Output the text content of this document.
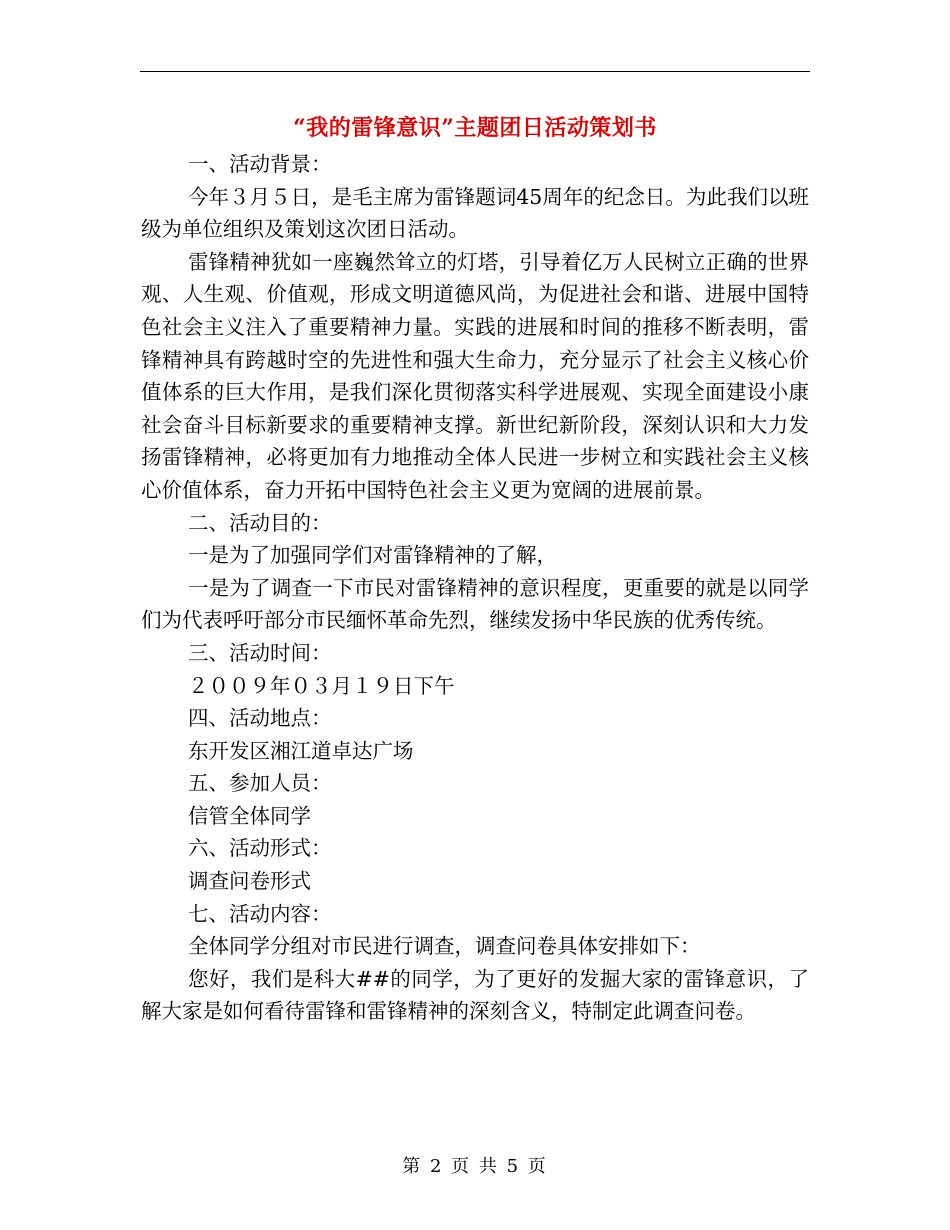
“我的雷锋意识”主题团日活动策划书

一、活动背景：

今年３月５日，是毛主席为雷锋题词45周年的纪念日。为此我们以班级为单位组织及策划这次团日活动。

雷锋精神犹如一座巍然耸立的灯塔，引导着亿万人民树立正确的世界观、人生观、价值观，形成文明道德风尚，为促进社会和谐、进展中国特色社会主义注入了重要精神力量。实践的进展和时间的推移不断表明，雷锋精神具有跨越时空的先进性和强大生命力，充分显示了社会主义核心价值体系的巨大作用，是我们深化贯彻落实科学进展观、实现全面建设小康社会奋斗目标新要求的重要精神支撑。新世纪新阶段，深刻认识和大力发扬雷锋精神，必将更加有力地推动全体人民进一步树立和实践社会主义核心价值体系，奋力开拓中国特色社会主义更为宽阔的进展前景。

二、活动目的：

一是为了加强同学们对雷锋精神的了解，

一是为了调查一下市民对雷锋精神的意识程度，更重要的就是以同学们为代表呼吁部分市民缅怀革命先烈，继续发扬中华民族的优秀传统。

三、活动时间：

２００９年０３月１９日下午

四、活动地点：

东开发区湘江道卓达广场

五、参加人员：

信管全体同学

六、活动形式：

调查问卷形式

七、活动内容：

全体同学分组对市民进行调查，调查问卷具体安排如下：

您好，我们是科大##的同学，为了更好的发掘大家的雷锋意识，了解大家是如何看待雷锋和雷锋精神的深刻含义，特制定此调查问卷。

第 2 页 共 5 页
